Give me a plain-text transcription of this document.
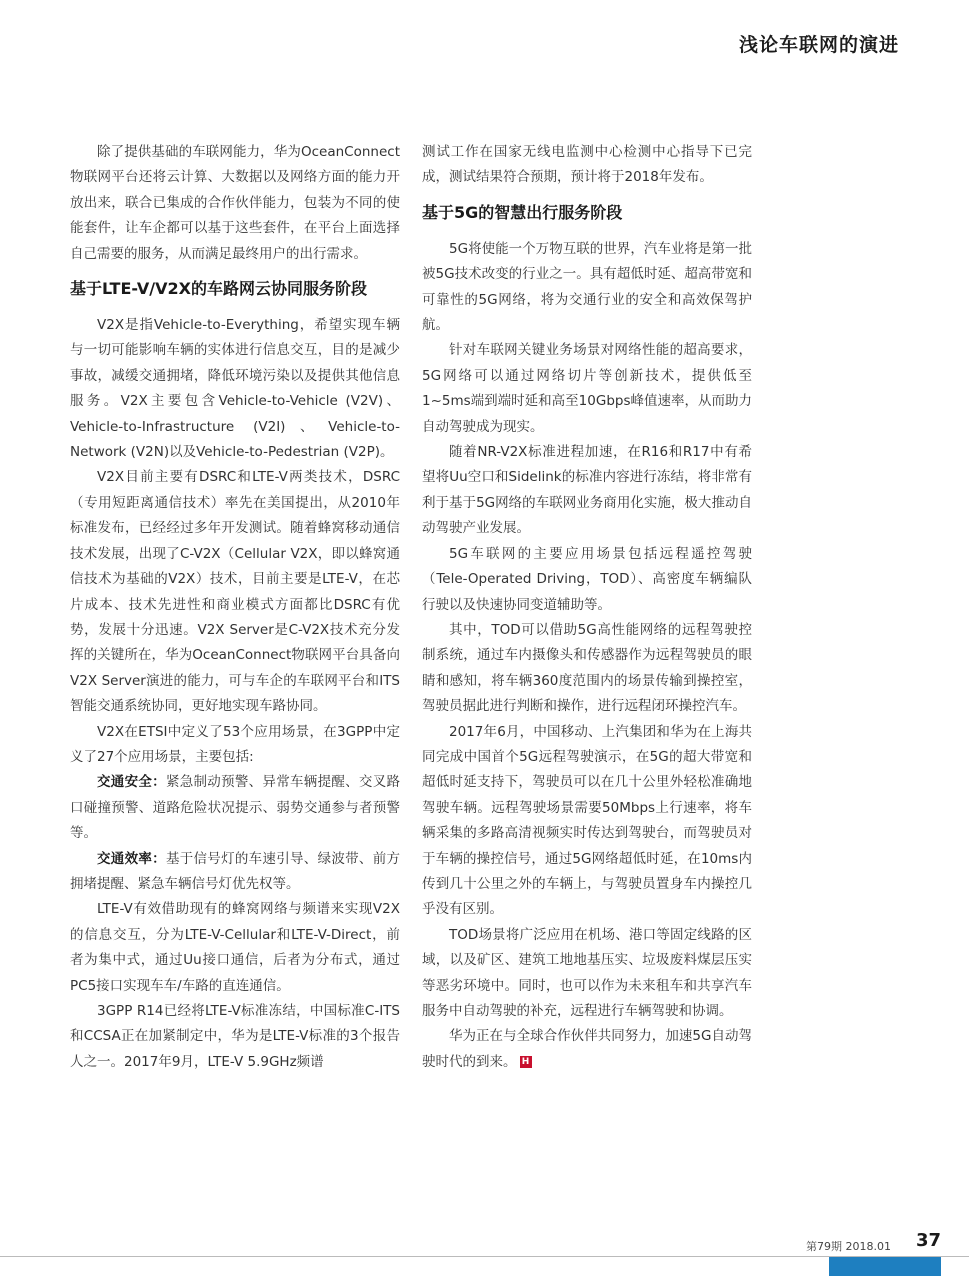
浅论车联网的演进

除了提供基础的车联网能力，华为OceanConnect物联网平台还将云计算、大数据以及网络方面的能力开放出来，联合已集成的合作伙伴能力，包装为不同的使能套件，让车企都可以基于这些套件，在平台上面选择自己需要的服务，从而满足最终用户的出行需求。

基于LTE-V/V2X的车路网云协同服务阶段

V2X是指Vehicle-to-Everything，希望实现车辆与一切可能影响车辆的实体进行信息交互，目的是减少事故，减缓交通拥堵，降低环境污染以及提供其他信息服务。V2X主要包含Vehicle-to-Vehicle (V2V)、Vehicle-to-Infrastructure (V2I)、Vehicle-to-Network (V2N)以及Vehicle-to-Pedestrian (V2P)。

V2X目前主要有DSRC和LTE-V两类技术，DSRC（专用短距离通信技术）率先在美国提出，从2010年标准发布，已经经过多年开发测试。随着蜂窝移动通信技术发展，出现了C-V2X（Cellular V2X，即以蜂窝通信技术为基础的V2X）技术，目前主要是LTE-V，在芯片成本、技术先进性和商业模式方面都比DSRC有优势，发展十分迅速。V2X Server是C-V2X技术充分发挥的关键所在，华为OceanConnect物联网平台具备向V2X Server演进的能力，可与车企的车联网平台和ITS智能交通系统协同，更好地实现车路协同。

V2X在ETSI中定义了53个应用场景，在3GPP中定义了27个应用场景，主要包括:

交通安全：紧急制动预警、异常车辆提醒、交叉路口碰撞预警、道路危险状况提示、弱势交通参与者预警等。

交通效率：基于信号灯的车速引导、绿波带、前方拥堵提醒、紧急车辆信号灯优先权等。

LTE-V有效借助现有的蜂窝网络与频谱来实现V2X的信息交互，分为LTE-V-Cellular和LTE-V-Direct，前者为集中式，通过Uu接口通信，后者为分布式，通过PC5接口实现车车/车路的直连通信。

3GPP R14已经将LTE-V标准冻结，中国标准C-ITS和CCSA正在加紧制定中，华为是LTE-V标准的3个报告人之一。2017年9月，LTE-V 5.9GHz频谱

测试工作在国家无线电监测中心检测中心指导下已完成，测试结果符合预期，预计将于2018年发布。

基于5G的智慧出行服务阶段

5G将使能一个万物互联的世界，汽车业将是第一批被5G技术改变的行业之一。具有超低时延、超高带宽和可靠性的5G网络，将为交通行业的安全和高效保驾护航。

针对车联网关键业务场景对网络性能的超高要求，5G网络可以通过网络切片等创新技术，提供低至1~5ms端到端时延和高至10Gbps峰值速率，从而助力自动驾驶成为现实。

随着NR-V2X标准进程加速，在R16和R17中有希望将Uu空口和Sidelink的标准内容进行冻结，将非常有利于基于5G网络的车联网业务商用化实施，极大推动自动驾驶产业发展。

5G车联网的主要应用场景包括远程遥控驾驶（Tele-Operated Driving，TOD）、高密度车辆编队行驶以及快速协同变道辅助等。

其中，TOD可以借助5G高性能网络的远程驾驶控制系统，通过车内摄像头和传感器作为远程驾驶员的眼睛和感知，将车辆360度范围内的场景传输到操控室，驾驶员据此进行判断和操作，进行远程闭环操控汽车。

2017年6月，中国移动、上汽集团和华为在上海共同完成中国首个5G远程驾驶演示，在5G的超大带宽和超低时延支持下，驾驶员可以在几十公里外轻松准确地驾驶车辆。远程驾驶场景需要50Mbps上行速率，将车辆采集的多路高清视频实时传达到驾驶台，而驾驶员对于车辆的操控信号，通过5G网络超低时延，在10ms内传到几十公里之外的车辆上，与驾驶员置身车内操控几乎没有区别。

TOD场景将广泛应用在机场、港口等固定线路的区域，以及矿区、建筑工地地基压实、垃圾废料煤层压实等恶劣环境中。同时，也可以作为未来租车和共享汽车服务中自动驾驶的补充，远程进行车辆驾驶和协调。

华为正在与全球合作伙伴共同努力，加速5G自动驾驶时代的到来。 H

第79期 2018.01 37
